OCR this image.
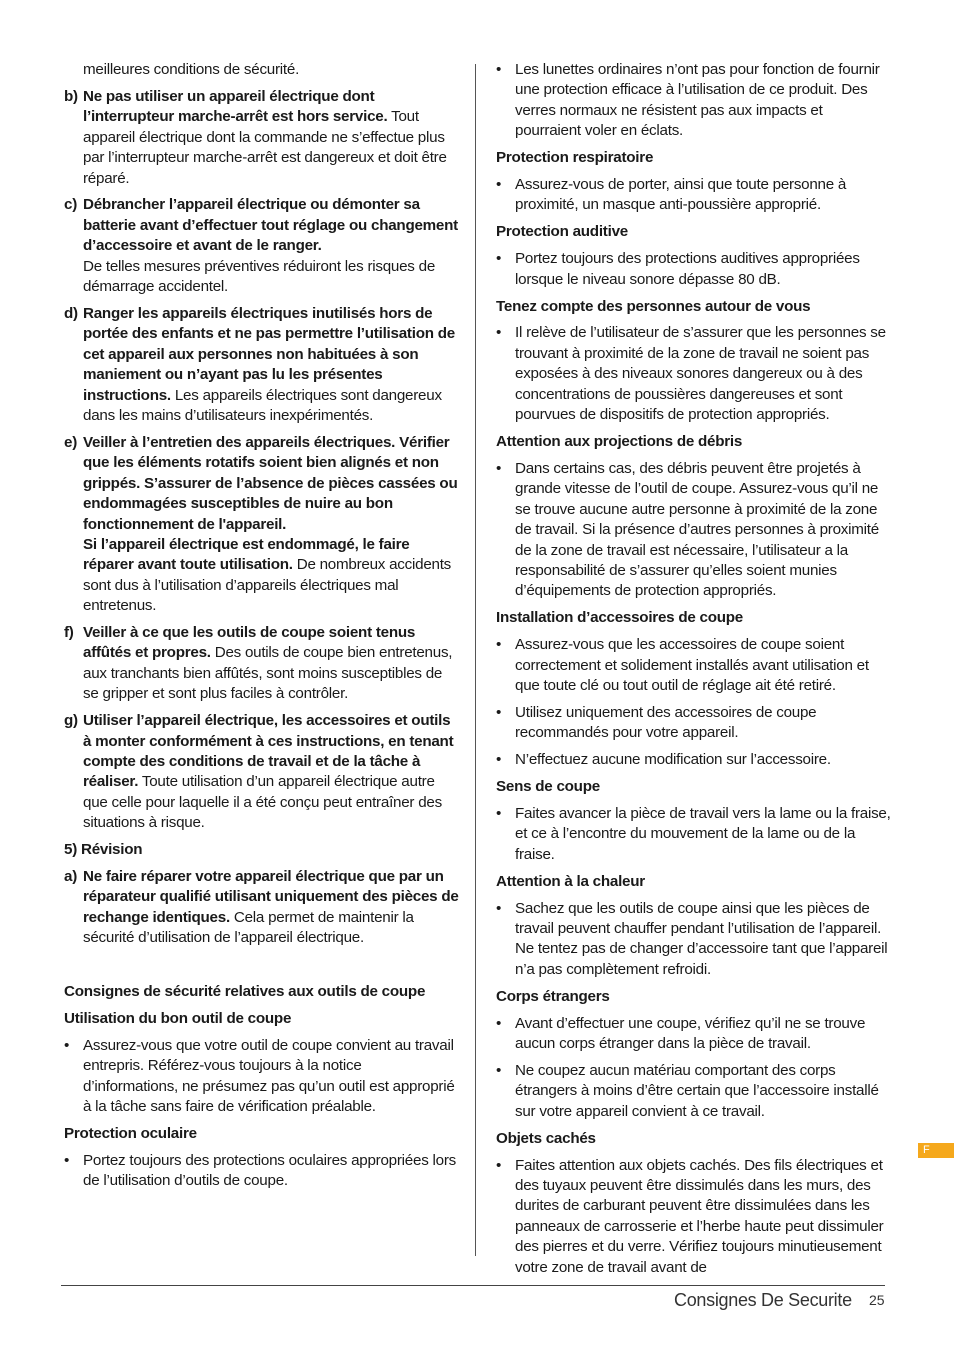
meilleures conditions de sécurité.

b) Ne pas utiliser un appareil électrique dont l’interrupteur marche-arrêt est hors service. Tout appareil électrique dont la commande ne s’effectue plus par l’interrupteur marche-arrêt est dangereux et doit être réparé.

c) Débrancher l’appareil électrique ou démonter sa batterie avant d’effectuer tout réglage ou changement d’accessoire et avant de le ranger.
De telles mesures préventives réduiront les risques de démarrage accidentel.

d) Ranger les appareils électriques inutilisés hors de portée des enfants et ne pas permettre l’utilisation de cet appareil aux personnes non habituées à son maniement ou n’ayant pas lu les présentes instructions. Les appareils électriques sont dangereux dans les mains d’utilisateurs inexpérimentés.

e) Veiller à l’entretien des appareils électriques. Vérifier que les éléments rotatifs soient bien alignés et non grippés. S’assurer de l’absence de pièces cassées ou endommagées susceptibles de nuire au bon fonctionnement de l'appareil.
Si l’appareil électrique est endommagé, le faire réparer avant toute utilisation. De nombreux accidents sont dus à l’utilisation d’appareils électriques mal entretenus.

f) Veiller à ce que les outils de coupe soient tenus affûtés et propres. Des outils de coupe bien entretenus, aux tranchants bien affûtés, sont moins susceptibles de se gripper et sont plus faciles à contrôler.

g) Utiliser l’appareil électrique, les accessoires et outils à monter conformément à ces instructions, en tenant compte des conditions de travail et de la tâche à réaliser. Toute utilisation d’un appareil électrique autre que celle pour laquelle il a été conçu peut entraîner des situations à risque.

5) Révision

a) Ne faire réparer votre appareil électrique que par un réparateur qualifié utilisant uniquement des pièces de rechange identiques. Cela permet de maintenir la sécurité d’utilisation de l’appareil électrique.

Consignes de sécurité relatives aux outils de coupe

Utilisation du bon outil de coupe

• Assurez-vous que votre outil de coupe convient au travail entrepris. Référez-vous toujours à la notice d’informations, ne présumez pas qu’un outil est approprié à la tâche sans faire de vérification préalable.

Protection oculaire

• Portez toujours des protections oculaires appropriées lors de l’utilisation d’outils de coupe.

• Les lunettes ordinaires n’ont pas pour fonction de fournir une protection efficace à l’utilisation de ce produit. Des verres normaux ne résistent pas aux impacts et pourraient voler en éclats.

Protection respiratoire

• Assurez-vous de porter, ainsi que toute personne à proximité, un masque anti-poussière approprié.

Protection auditive

• Portez toujours des protections auditives appropriées lorsque le niveau sonore dépasse 80 dB.

Tenez compte des personnes autour de vous

• Il relève de l’utilisateur de s’assurer que les personnes se trouvant à proximité de la zone de travail ne soient pas exposées à des niveaux sonores dangereux ou à des concentrations de poussières dangereuses et sont pourvues de dispositifs de protection appropriés.

Attention aux projections de débris

• Dans certains cas, des débris peuvent être projetés à grande vitesse de l’outil de coupe. Assurez-vous qu’il ne se trouve aucune autre personne à proximité de la zone de travail. Si la présence d’autres personnes à proximité de la zone de travail est nécessaire, l’utilisateur a la responsabilité de s’assurer qu’elles soient munies d’équipements de protection appropriés.

Installation d’accessoires de coupe

• Assurez-vous que les accessoires de coupe soient correctement et solidement installés avant utilisation et que toute clé ou tout outil de réglage ait été retiré.

• Utilisez uniquement des accessoires de coupe recommandés pour votre appareil.

• N’effectuez aucune modification sur l’accessoire.

Sens de coupe

• Faites avancer la pièce de travail vers la lame ou la fraise, et ce à l’encontre du mouvement de la lame ou de la fraise.

Attention à la chaleur

• Sachez que les outils de coupe ainsi que les pièces de travail peuvent chauffer pendant l’utilisation de l’appareil. Ne tentez pas de changer d’accessoire tant que l’appareil n’a pas complètement refroidi.

Corps étrangers

• Avant d’effectuer une coupe, vérifiez qu’il ne se trouve aucun corps étranger dans la pièce de travail.

• Ne coupez aucun matériau comportant des corps étrangers à moins d’être certain que l’accessoire installé sur votre appareil convient à ce travail.

Objets cachés

• Faites attention aux objets cachés. Des fils électriques et des tuyaux peuvent être dissimulés dans les murs, des durites de carburant peuvent être dissimulées dans les panneaux de carrosserie et l’herbe haute peut dissimuler des pierres et du verre. Vérifiez toujours minutieusement votre zone de travail avant de

F
Consignes De Securite 25
